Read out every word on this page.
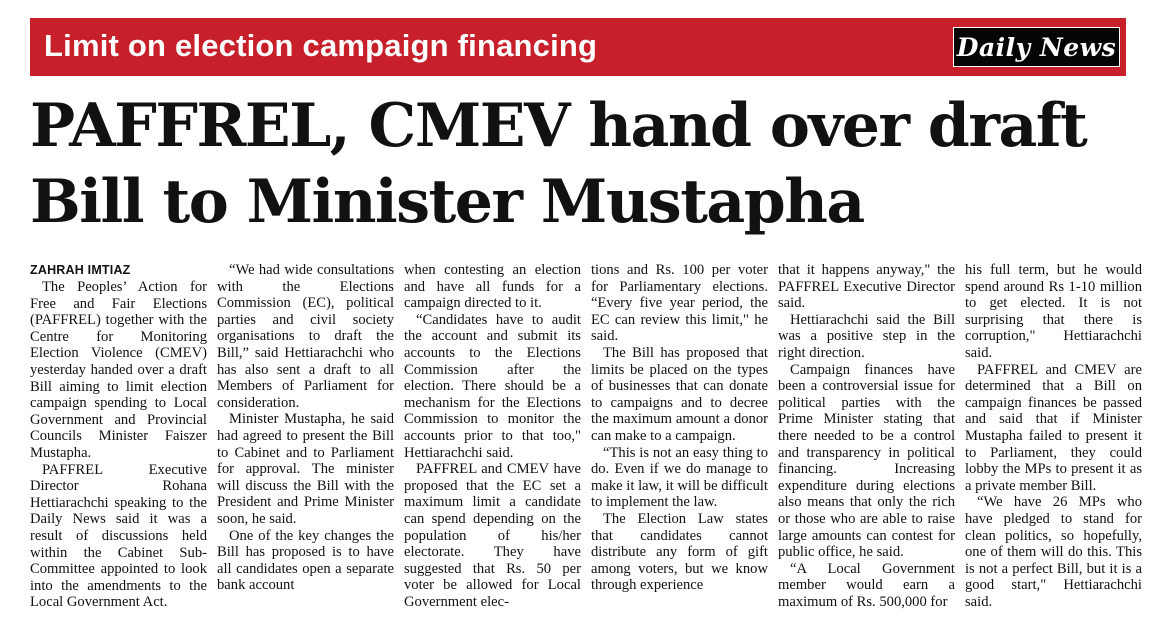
Limit on election campaign financing	Daily News
PAFFREL, CMEV hand over draft Bill to Minister Mustapha
ZAHRAH IMTIAZ

The Peoples’ Action for Free and Fair Elections (PAFFREL) together with the Centre for Monitoring Election Violence (CMEV) yesterday handed over a draft Bill aiming to limit election campaign spending to Local Government and Provincial Councils Minister Faiszer Mustapha.

PAFFREL Executive Director Rohana Hettiarachchi speaking to the Daily News said it was a result of discussions held within the Cabinet Sub-Committee appointed to look into the amendments to the Local Government Act.

“We had wide consultations with the Elections Commission (EC), political parties and civil society organisations to draft the Bill,” said Hettiarachchi who has also sent a draft to all Members of Parliament for consideration.

Minister Mustapha, he said had agreed to present the Bill to Cabinet and to Parliament for approval. The minister will discuss the Bill with the President and Prime Minister soon, he said.

One of the key changes the Bill has proposed is to have all candidates open a separate bank account

when contesting an election and have all funds for a campaign directed to it.

“Candidates have to audit the account and submit its accounts to the Elections Commission after the election. There should be a mechanism for the Elections Commission to monitor the accounts prior to that too," Hettiarachchi said.

PAFFREL and CMEV have proposed that the EC set a maximum limit a candidate can spend depending on the population of his/her electorate. They have suggested that Rs. 50 per voter be allowed for Local Government elec-

tions and Rs. 100 per voter for Parliamentary elections. “Every five year period, the EC can review this limit," he said.

The Bill has proposed that limits be placed on the types of businesses that can donate to campaigns and to decree the maximum amount a donor can make to a campaign.

“This is not an easy thing to do. Even if we do manage to make it law, it will be difficult to implement the law.

The Election Law states that candidates cannot distribute any form of gift among voters, but we know through experience

that it happens anyway," the PAFFREL Executive Director said.

Hettiarachchi said the Bill was a positive step in the right direction.

Campaign finances have been a controversial issue for political parties with the Prime Minister stating that there needed to be a control and transparency in political financing. Increasing expenditure during elections also means that only the rich or those who are able to raise large amounts can contest for public office, he said.

“A Local Government member would earn a maximum of Rs. 500,000 for

his full term, but he would spend around Rs 1-10 million to get elected. It is not surprising that there is corruption," Hettiarachchi said.

PAFFREL and CMEV are determined that a Bill on campaign finances be passed and said that if Minister Mustapha failed to present it to Parliament, they could lobby the MPs to present it as a private member Bill.

“We have 26 MPs who have pledged to stand for clean politics, so hopefully, one of them will do this. This is not a perfect Bill, but it is a good start," Hettiarachchi said.
